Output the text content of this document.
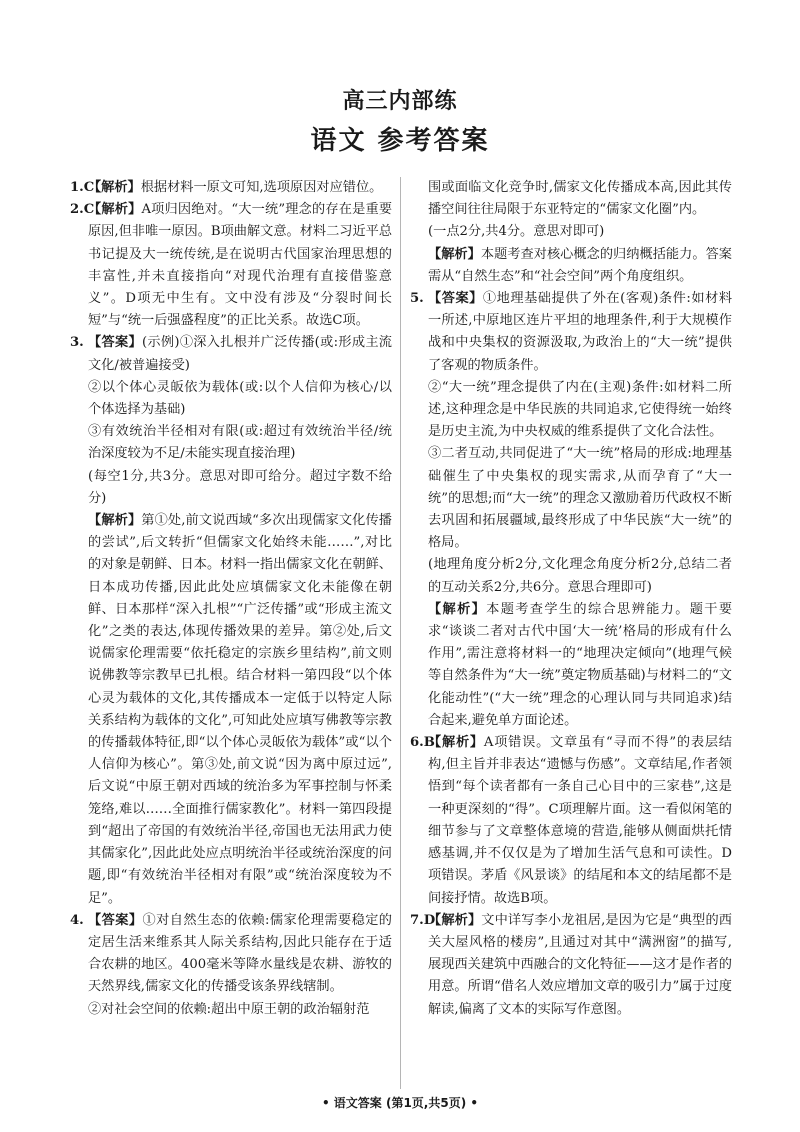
高三内部练
语文 参考答案

1.C
【解析】根据材料一原文可知,选项原因对应错位。

2.C
【解析】A项归因绝对。“大一统”理念的存在是重要原因,但非唯一原因。B项曲解文意。材料二习近平总书记提及大一统传统,是在说明古代国家治理思想的丰富性,并未直接指向“对现代治理有直接借鉴意义”。D项无中生有。文中没有涉及“分裂时间长短”与“统一后强盛程度”的正比关系。故选C项。

3. 【答案】(示例)①深入扎根并广泛传播(或:形成主流文化/被普遍接受)

②以个体心灵皈依为载体(或:以个人信仰为核心/以个体选择为基础)

③有效统治半径相对有限(或:超过有效统治半径/统治深度较为不足/未能实现直接治理)

(每空1分,共3分。意思对即可给分。超过字数不给分)

【解析】第①处,前文说西域“多次出现儒家文化传播的尝试”,后文转折“但儒家文化始终未能……”,对比的对象是朝鲜、日本。材料一指出儒家文化在朝鲜、日本成功传播,因此此处应填儒家文化未能像在朝鲜、日本那样“深入扎根”“广泛传播”或“形成主流文化”之类的表达,体现传播效果的差异。第②处,后文说儒家伦理需要“依托稳定的宗族乡里结构”,前文则说佛教等宗教早已扎根。结合材料一第四段“以个体心灵为载体的文化,其传播成本一定低于以特定人际关系结构为载体的文化”,可知此处应填写佛教等宗教的传播载体特征,即“以个体心灵皈依为载体”或“以个人信仰为核心”。第③处,前文说“因为离中原过远”,后文说“中原王朝对西域的统治多为军事控制与怀柔笼络,难以……全面推行儒家教化”。材料一第四段提到“超出了帝国的有效统治半径,帝国也无法用武力使其儒家化”,因此此处应点明统治半径或统治深度的问题,即“有效统治半径相对有限”或“统治深度较为不足”。

4. 【答案】①对自然生态的依赖:儒家伦理需要稳定的定居生活来维系其人际关系结构,因此只能存在于适合农耕的地区。400毫米等降水量线是农耕、游牧的天然界线,儒家文化的传播受该条界线辖制。

②对社会空间的依赖:超出中原王朝的政治辐射范

围或面临文化竞争时,儒家文化传播成本高,因此其传播空间往往局限于东亚特定的“儒家文化圈”内。

(一点2分,共4分。意思对即可)

【解析】本题考查对核心概念的归纳概括能力。答案需从“自然生态”和“社会空间”两个角度组织。

5. 【答案】①地理基础提供了外在(客观)条件:如材料一所述,中原地区连片平坦的地理条件,利于大规模作战和中央集权的资源汲取,为政治上的“大一统”提供了客观的物质条件。

②“大一统”理念提供了内在(主观)条件:如材料二所述,这种理念是中华民族的共同追求,它使得统一始终是历史主流,为中央权威的维系提供了文化合法性。

③二者互动,共同促进了“大一统”格局的形成:地理基础催生了中央集权的现实需求,从而孕育了“大一统”的思想;而“大一统”的理念又激励着历代政权不断去巩固和拓展疆域,最终形成了中华民族“大一统”的格局。

(地理角度分析2分,文化理念角度分析2分,总结二者的互动关系2分,共6分。意思合理即可)

【解析】本题考查学生的综合思辨能力。题干要求“谈谈二者对古代中国‘大一统’格局的形成有什么作用”,需注意将材料一的“地理决定倾向”(地理气候等自然条件为“大一统”奠定物质基础)与材料二的“文化能动性”(“大一统”理念的心理认同与共同追求)结合起来,避免单方面论述。

6.B
【解析】A项错误。文章虽有“寻而不得”的表层结构,但主旨并非表达“遗憾与伤感”。文章结尾,作者领悟到“每个读者都有一条自己心目中的三家巷”,这是一种更深刻的“得”。C项理解片面。这一看似闲笔的细节参与了文章整体意境的营造,能够从侧面烘托情感基调,并不仅仅是为了增加生活气息和可读性。D项错误。茅盾《风景谈》的结尾和本文的结尾都不是间接抒情。故选B项。

7.D
【解析】文中详写李小龙祖居,是因为它是“典型的西关大屋风格的楼房”,且通过对其中“满洲窗”的描写,展现西关建筑中西融合的文化特征——这才是作者的用意。所谓“借名人效应增加文章的吸引力”属于过度解读,偏离了文本的实际写作意图。

• 语文答案 (第1页,共5页) •
